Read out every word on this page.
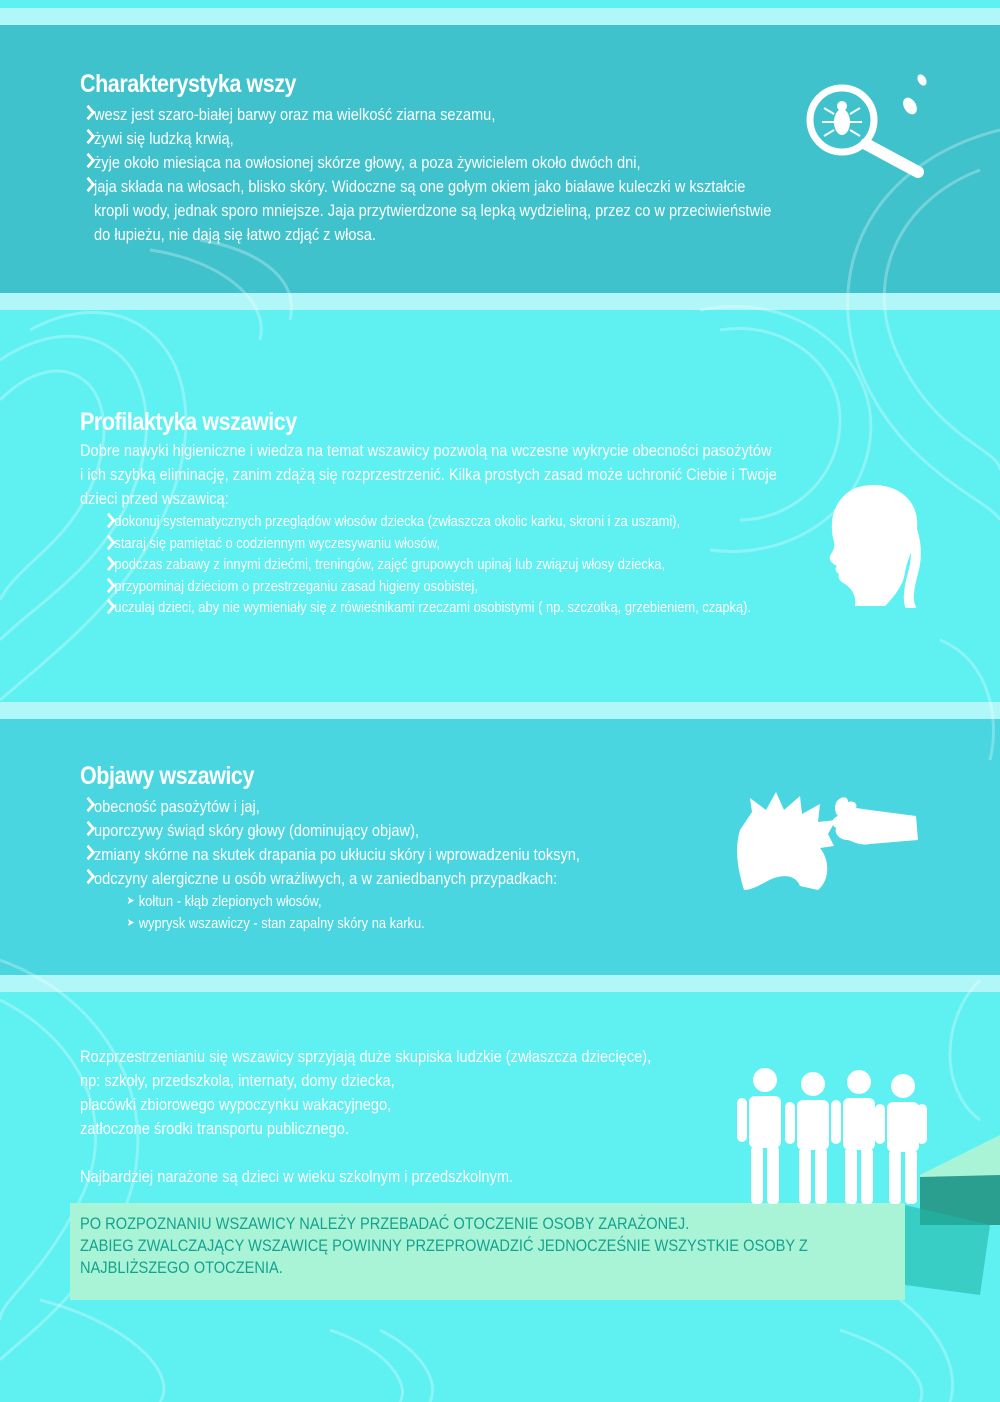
Charakterystyka wszy
wesz jest szaro-białej barwy oraz ma wielkość ziarna sezamu,
żywi się ludzką krwią,
żyje około miesiąca na owłosionej skórze głowy, a poza żywicielem około dwóch dni,
jaja składa na włosach, blisko skóry. Widoczne są one gołym okiem jako białawe kuleczki w kształcie
kropli wody, jednak sporo mniejsze. Jaja przytwierdzone są lepką wydzieliną, przez co w przeciwieństwie
do łupieżu, nie dają się łatwo zdjąć z włosa.
Profilaktyka wszawicy
Dobre nawyki higieniczne i wiedza na temat wszawicy pozwolą na wczesne wykrycie obecności pasożytów
i ich szybką eliminację, zanim zdążą się rozprzestrzenić. Kilka prostych zasad może uchronić Ciebie i Twoje
dzieci przed wszawicą:
dokonuj systematycznych przeglądów włosów dziecka (zwłaszcza okolic karku, skroni i za uszami),
staraj się pamiętać o codziennym wyczesywaniu włosów,
podczas zabawy z innymi dziećmi, treningów, zajęć grupowych upinaj lub związuj włosy dziecka,
przypominaj dzieciom o przestrzeganiu zasad higieny osobistej,
uczulaj dzieci, aby nie wymieniały się z rówieśnikami rzeczami osobistymi ( np. szczotką, grzebieniem, czapką).
Objawy wszawicy
obecność pasożytów i jaj,
uporczywy świąd skóry głowy (dominujący objaw),
zmiany skórne na skutek drapania po ukłuciu skóry i wprowadzeniu toksyn,
odczyny alergiczne u osób wrażliwych, a w zaniedbanych przypadkach:
➤ kołtun - kłąb zlepionych włosów,
➤ wyprysk wszawiczy - stan zapalny skóry na karku.
Rozprzestrzenianiu się wszawicy sprzyjają duże skupiska ludzkie (zwłaszcza dziecięce),
np: szkoły, przedszkola, internaty, domy dziecka,
placówki zbiorowego wypoczynku wakacyjnego,
zatłoczone środki transportu publicznego.
Najbardziej narażone są dzieci w wieku szkolnym i przedszkolnym.
PO ROZPOZNANIU WSZAWICY NALEŻY PRZEBADAĆ OTOCZENIE OSOBY ZARAŻONEJ.
ZABIEG ZWALCZAJĄCY WSZAWICĘ POWINNY PRZEPROWADZIĆ JEDNOCZEŚNIE WSZYSTKIE OSOBY Z
NAJBLIŻSZEGO OTOCZENIA.
